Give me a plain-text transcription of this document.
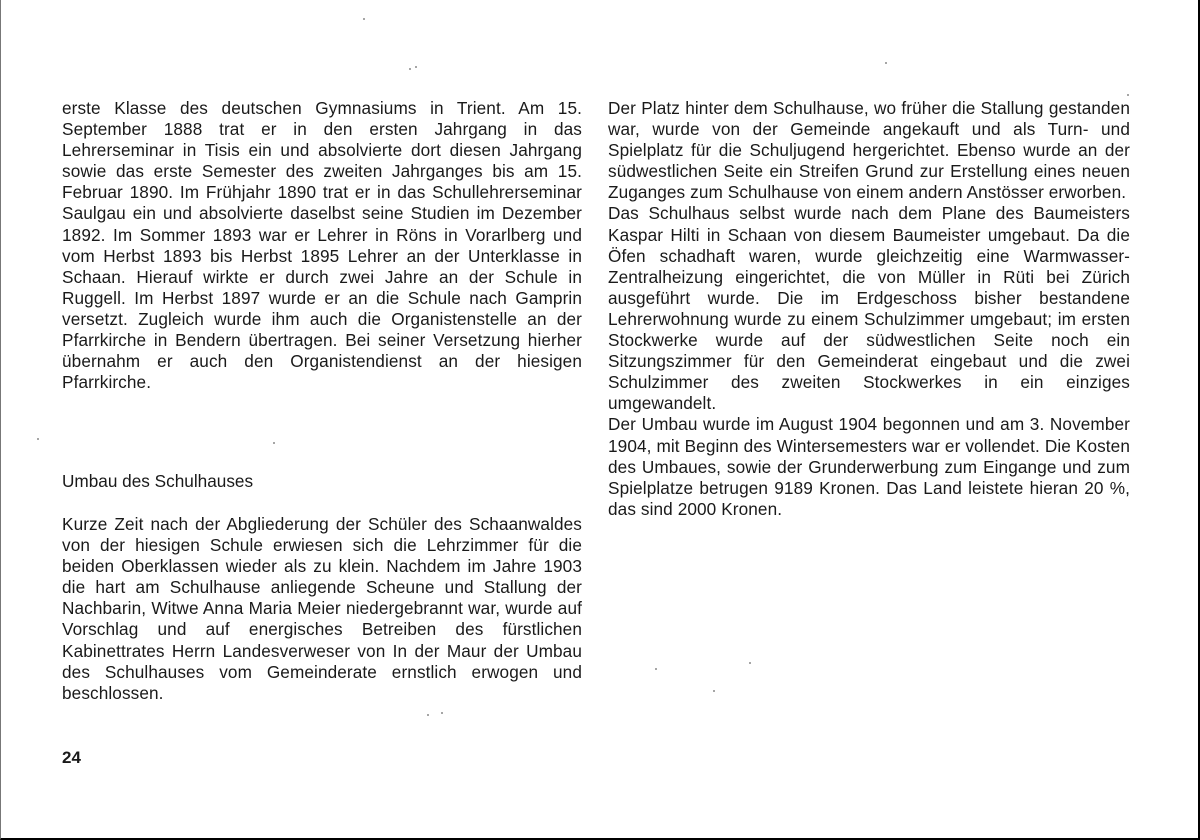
erste Klasse des deutschen Gymnasiums in Trient. Am 15. September 1888 trat er in den ersten Jahrgang in das Lehrerseminar in Tisis ein und absolvierte dort diesen Jahrgang sowie das erste Semester des zweiten Jahrganges bis am 15. Februar 1890. Im Frühjahr 1890 trat er in das Schullehrerseminar Saulgau ein und absolvierte daselbst seine Studien im Dezember 1892. Im Sommer 1893 war er Lehrer in Röns in Vorarlberg und vom Herbst 1893 bis Herbst 1895 Lehrer an der Unterklasse in Schaan. Hierauf wirkte er durch zwei Jahre an der Schule in Ruggell. Im Herbst 1897 wurde er an die Schule nach Gamprin versetzt. Zugleich wurde ihm auch die Organistenstelle an der Pfarrkirche in Bendern übertragen. Bei seiner Versetzung hierher übernahm er auch den Organistendienst an der hiesigen Pfarrkirche.

Umbau des Schulhauses

Kurze Zeit nach der Abgliederung der Schüler des Schaanwaldes von der hiesigen Schule erwiesen sich die Lehrzimmer für die beiden Oberklassen wieder als zu klein. Nachdem im Jahre 1903 die hart am Schulhause anliegende Scheune und Stallung der Nachbarin, Witwe Anna Maria Meier niedergebrannt war, wurde auf Vorschlag und auf energisches Betreiben des fürstlichen Kabinettrates Herrn Landesverweser von In der Maur der Umbau des Schulhauses vom Gemeinderate ernstlich erwogen und beschlossen.

Der Platz hinter dem Schulhause, wo früher die Stallung gestanden war, wurde von der Gemeinde angekauft und als Turn- und Spielplatz für die Schuljugend hergerichtet. Ebenso wurde an der südwestlichen Seite ein Streifen Grund zur Erstellung eines neuen Zuganges zum Schulhause von einem andern Anstösser erworben.

Das Schulhaus selbst wurde nach dem Plane des Baumeisters Kaspar Hilti in Schaan von diesem Baumeister umgebaut. Da die Öfen schadhaft waren, wurde gleichzeitig eine Warmwasser-Zentralheizung eingerichtet, die von Müller in Rüti bei Zürich ausgeführt wurde. Die im Erdgeschoss bisher bestandene Lehrerwohnung wurde zu einem Schulzimmer umgebaut; im ersten Stockwerke wurde auf der südwestlichen Seite noch ein Sitzungszimmer für den Gemeinderat eingebaut und die zwei Schulzimmer des zweiten Stockwerkes in ein einziges umgewandelt.

Der Umbau wurde im August 1904 begonnen und am 3. November 1904, mit Beginn des Wintersemesters war er vollendet. Die Kosten des Umbaues, sowie der Grunderwerbung zum Eingange und zum Spielplatze betrugen 9189 Kronen. Das Land leistete hieran 20 %, das sind 2000 Kronen.

24
